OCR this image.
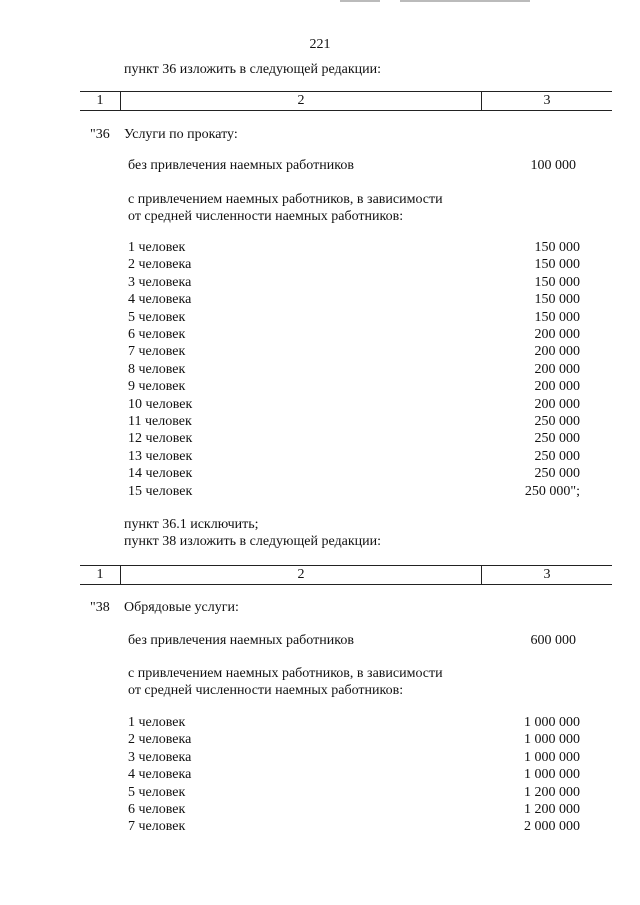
221
пункт 36 изложить в следующей редакции:
1	2	3
"36 Услуги по прокату:
без привлечения наемных работников	100 000
с привлечением наемных работников, в зависимости
от средней численности наемных работников:
1 человек	150 000
2 человека	150 000
3 человека	150 000
4 человека	150 000
5 человек	150 000
6 человек	200 000
7 человек	200 000
8 человек	200 000
9 человек	200 000
10 человек	200 000
11 человек	250 000
12 человек	250 000
13 человек	250 000
14 человек	250 000
15 человек	250 000";
пункт 36.1 исключить;
пункт 38 изложить в следующей редакции:
1	2	3
"38 Обрядовые услуги:
без привлечения наемных работников	600 000
с привлечением наемных работников, в зависимости
от средней численности наемных работников:
1 человек	1 000 000
2 человека	1 000 000
3 человека	1 000 000
4 человека	1 000 000
5 человек	1 200 000
6 человек	1 200 000
7 человек	2 000 000
